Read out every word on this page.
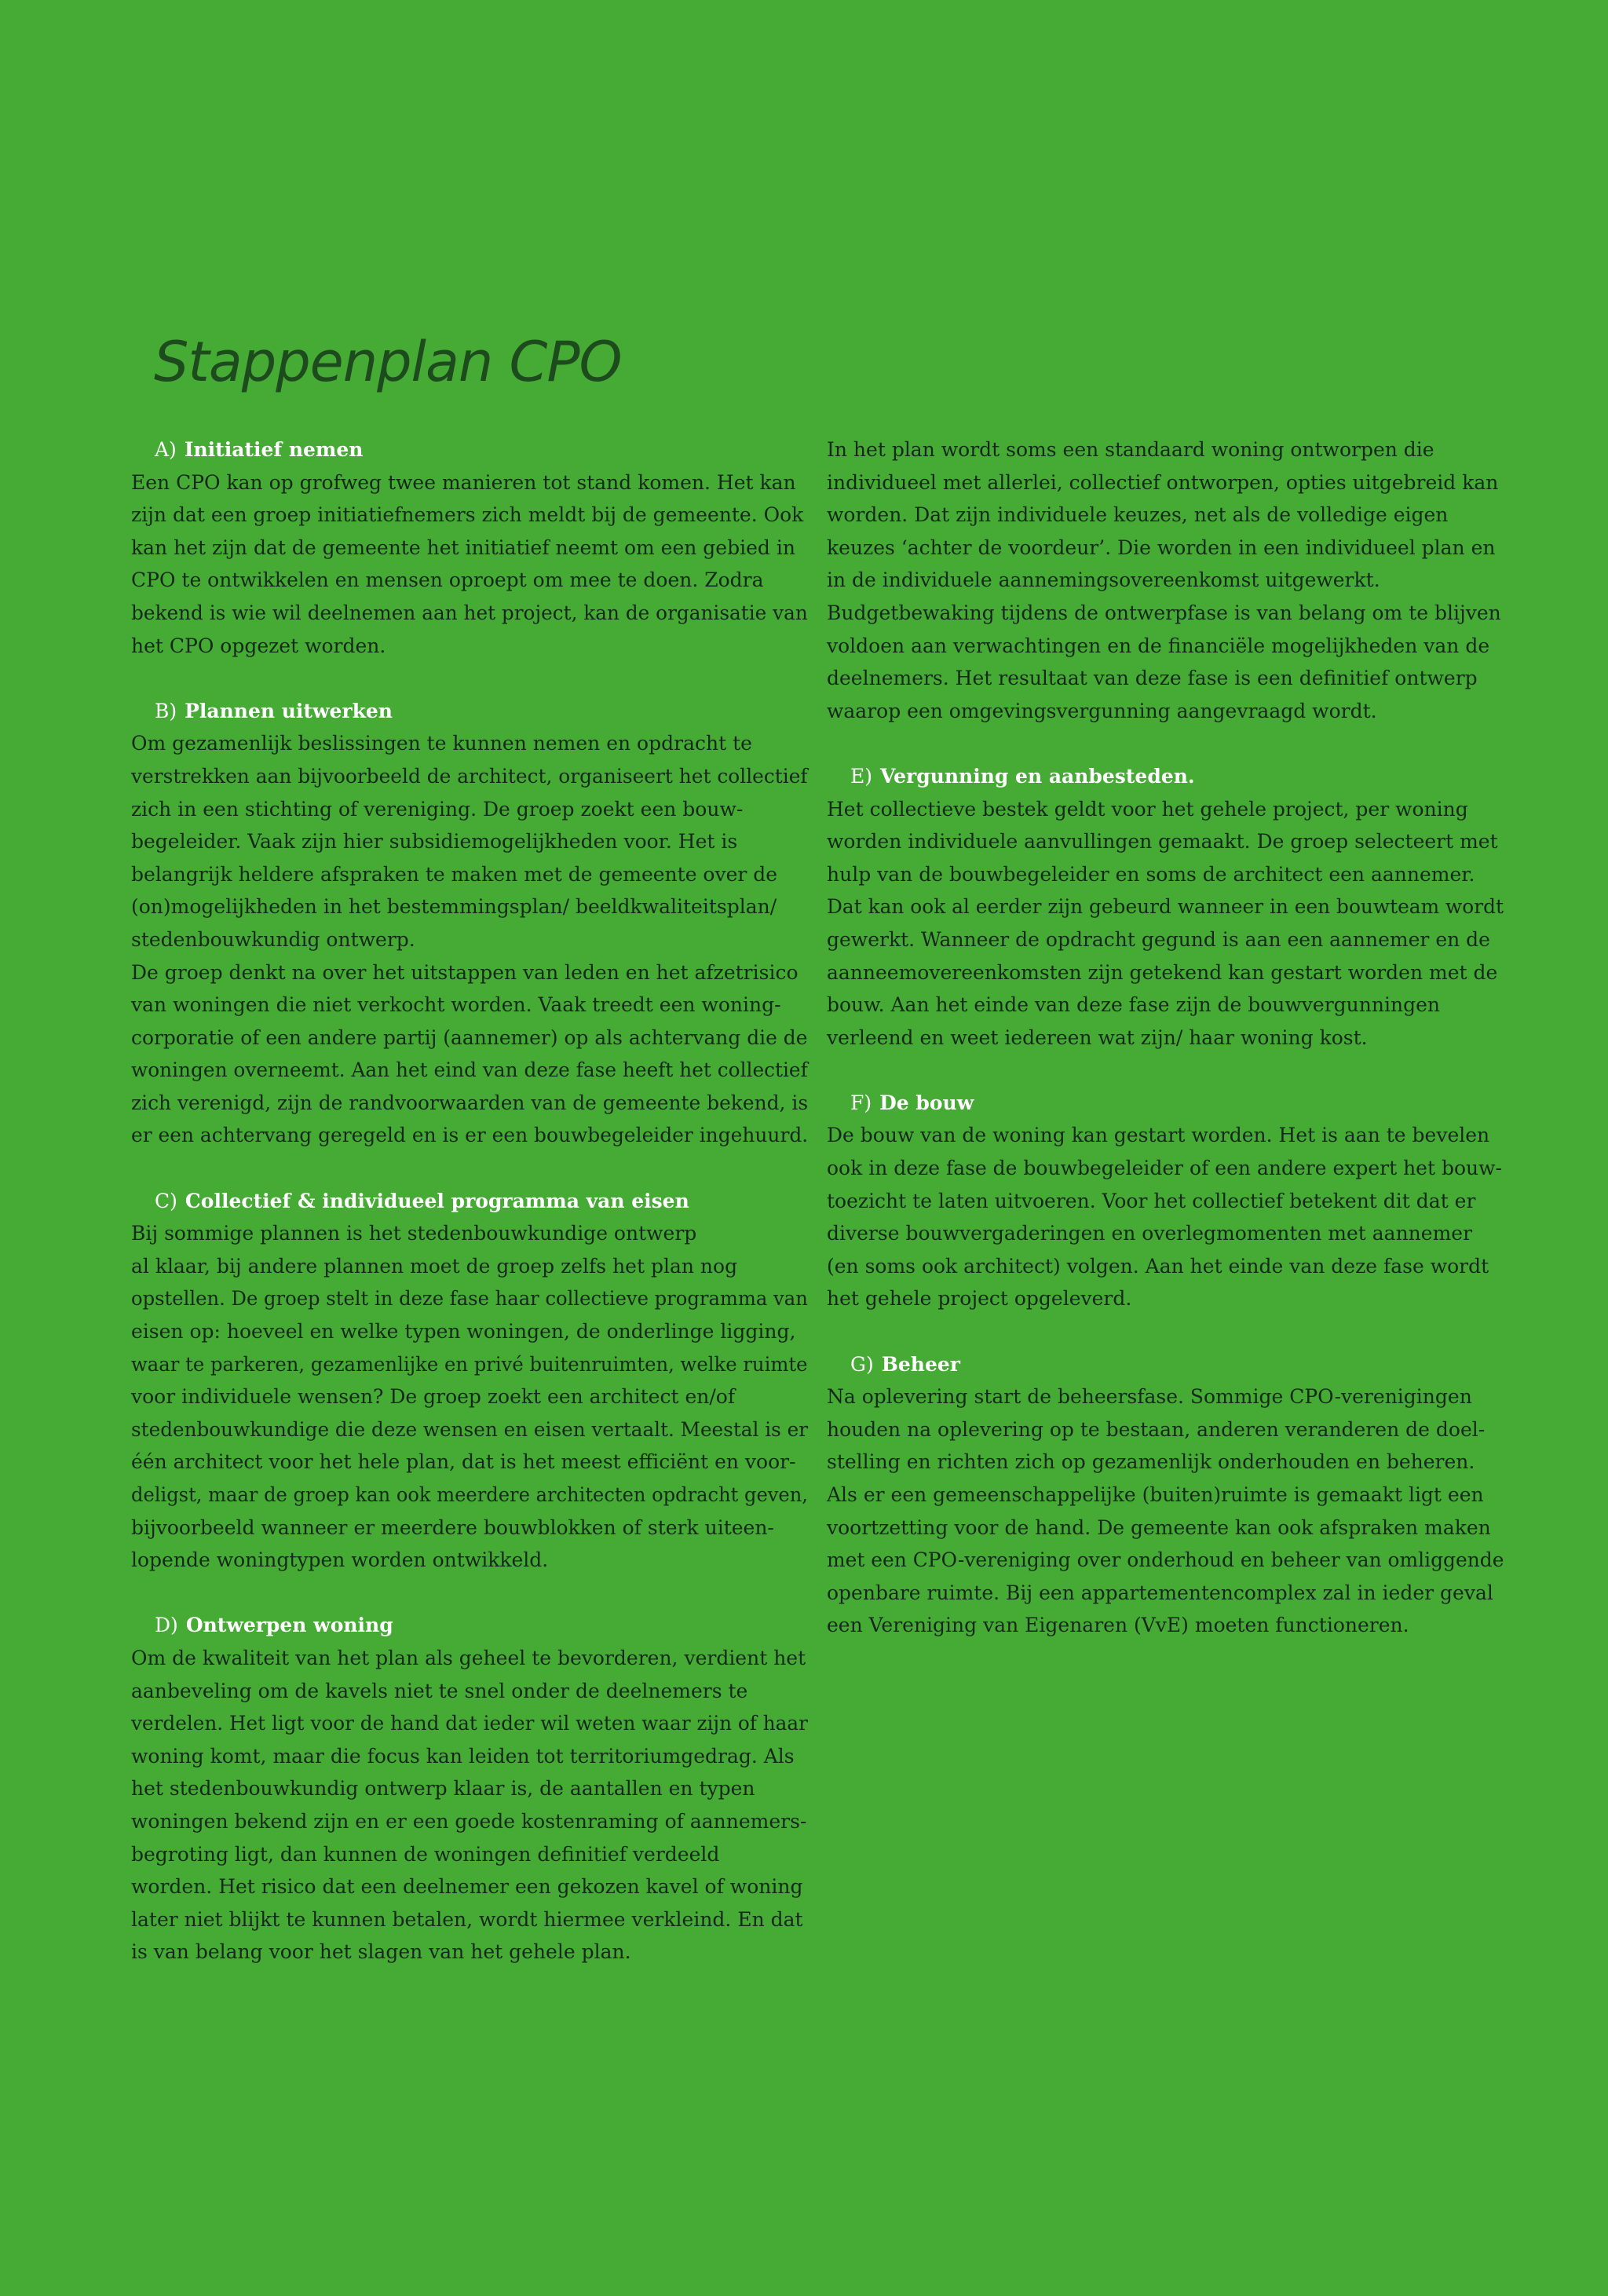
Stappenplan CPO
A) Initiatief nemen

Een CPO kan op grofweg twee manieren tot stand komen. Het kan
zijn dat een groep initiatiefnemers zich meldt bij de gemeente. Ook
kan het zijn dat de gemeente het initiatief neemt om een gebied in
CPO te ontwikkelen en mensen oproept om mee te doen. Zodra
bekend is wie wil deelnemen aan het project, kan de organisatie van
het CPO opgezet worden.

B) Plannen uitwerken

Om gezamenlijk beslissingen te kunnen nemen en opdracht te
verstrekken aan bijvoorbeeld de architect, organiseert het collectief
zich in een stichting of vereniging. De groep zoekt een bouw-
begeleider. Vaak zijn hier subsidiemogelijkheden voor. Het is
belangrijk heldere afspraken te maken met de gemeente over de
(on)mogelijkheden in het bestemmingsplan/ beeldkwaliteitsplan/
stedenbouwkundig ontwerp.

De groep denkt na over het uitstappen van leden en het afzetrisico
van woningen die niet verkocht worden. Vaak treedt een woning-
corporatie of een andere partij (aannemer) op als achtervang die de
woningen overneemt. Aan het eind van deze fase heeft het collectief
zich verenigd, zijn de randvoorwaarden van de gemeente bekend, is
er een achtervang geregeld en is er een bouwbegeleider ingehuurd.

C) Collectief & individueel programma van eisen

Bij sommige plannen is het stedenbouwkundige ontwerp
al klaar, bij andere plannen moet de groep zelfs het plan nog
opstellen. De groep stelt in deze fase haar collectieve programma van
eisen op: hoeveel en welke typen woningen, de onderlinge ligging,
waar te parkeren, gezamenlijke en privé buitenruimten, welke ruimte
voor individuele wensen? De groep zoekt een architect en/of
stedenbouwkundige die deze wensen en eisen vertaalt. Meestal is er
één architect voor het hele plan, dat is het meest efficiënt en voor-
deligst, maar de groep kan ook meerdere architecten opdracht geven,
bijvoorbeeld wanneer er meerdere bouwblokken of sterk uiteen-
lopende woningtypen worden ontwikkeld.

D) Ontwerpen woning

Om de kwaliteit van het plan als geheel te bevorderen, verdient het
aanbeveling om de kavels niet te snel onder de deelnemers te
verdelen. Het ligt voor de hand dat ieder wil weten waar zijn of haar
woning komt, maar die focus kan leiden tot territoriumgedrag. Als
het stedenbouwkundig ontwerp klaar is, de aantallen en typen
woningen bekend zijn en er een goede kostenraming of aannemers-
begroting ligt, dan kunnen de woningen definitief verdeeld
worden. Het risico dat een deelnemer een gekozen kavel of woning
later niet blijkt te kunnen betalen, wordt hiermee verkleind. En dat
is van belang voor het slagen van het gehele plan.

In het plan wordt soms een standaard woning ontworpen die
individueel met allerlei, collectief ontworpen, opties uitgebreid kan
worden. Dat zijn individuele keuzes, net als de volledige eigen
keuzes ‘achter de voordeur’. Die worden in een individueel plan en
in de individuele aannemingsovereenkomst uitgewerkt.
Budgetbewaking tijdens de ontwerpfase is van belang om te blijven
voldoen aan verwachtingen en de financiële mogelijkheden van de
deelnemers. Het resultaat van deze fase is een definitief ontwerp
waarop een omgevingsvergunning aangevraagd wordt.

E) Vergunning en aanbesteden.

Het collectieve bestek geldt voor het gehele project, per woning
worden individuele aanvullingen gemaakt. De groep selecteert met
hulp van de bouwbegeleider en soms de architect een aannemer.
Dat kan ook al eerder zijn gebeurd wanneer in een bouwteam wordt
gewerkt. Wanneer de opdracht gegund is aan een aannemer en de
aanneemovereenkomsten zijn getekend kan gestart worden met de
bouw. Aan het einde van deze fase zijn de bouwvergunningen
verleend en weet iedereen wat zijn/ haar woning kost.

F) De bouw

De bouw van de woning kan gestart worden. Het is aan te bevelen
ook in deze fase de bouwbegeleider of een andere expert het bouw-
toezicht te laten uitvoeren. Voor het collectief betekent dit dat er
diverse bouwvergaderingen en overlegmomenten met aannemer
(en soms ook architect) volgen. Aan het einde van deze fase wordt
het gehele project opgeleverd.

G) Beheer

Na oplevering start de beheersfase. Sommige CPO-verenigingen
houden na oplevering op te bestaan, anderen veranderen de doel-
stelling en richten zich op gezamenlijk onderhouden en beheren.
Als er een gemeenschappelijke (buiten)ruimte is gemaakt ligt een
voortzetting voor de hand. De gemeente kan ook afspraken maken
met een CPO-vereniging over onderhoud en beheer van omliggende
openbare ruimte. Bij een appartementencomplex zal in ieder geval
een Vereniging van Eigenaren (VvE) moeten functioneren.
